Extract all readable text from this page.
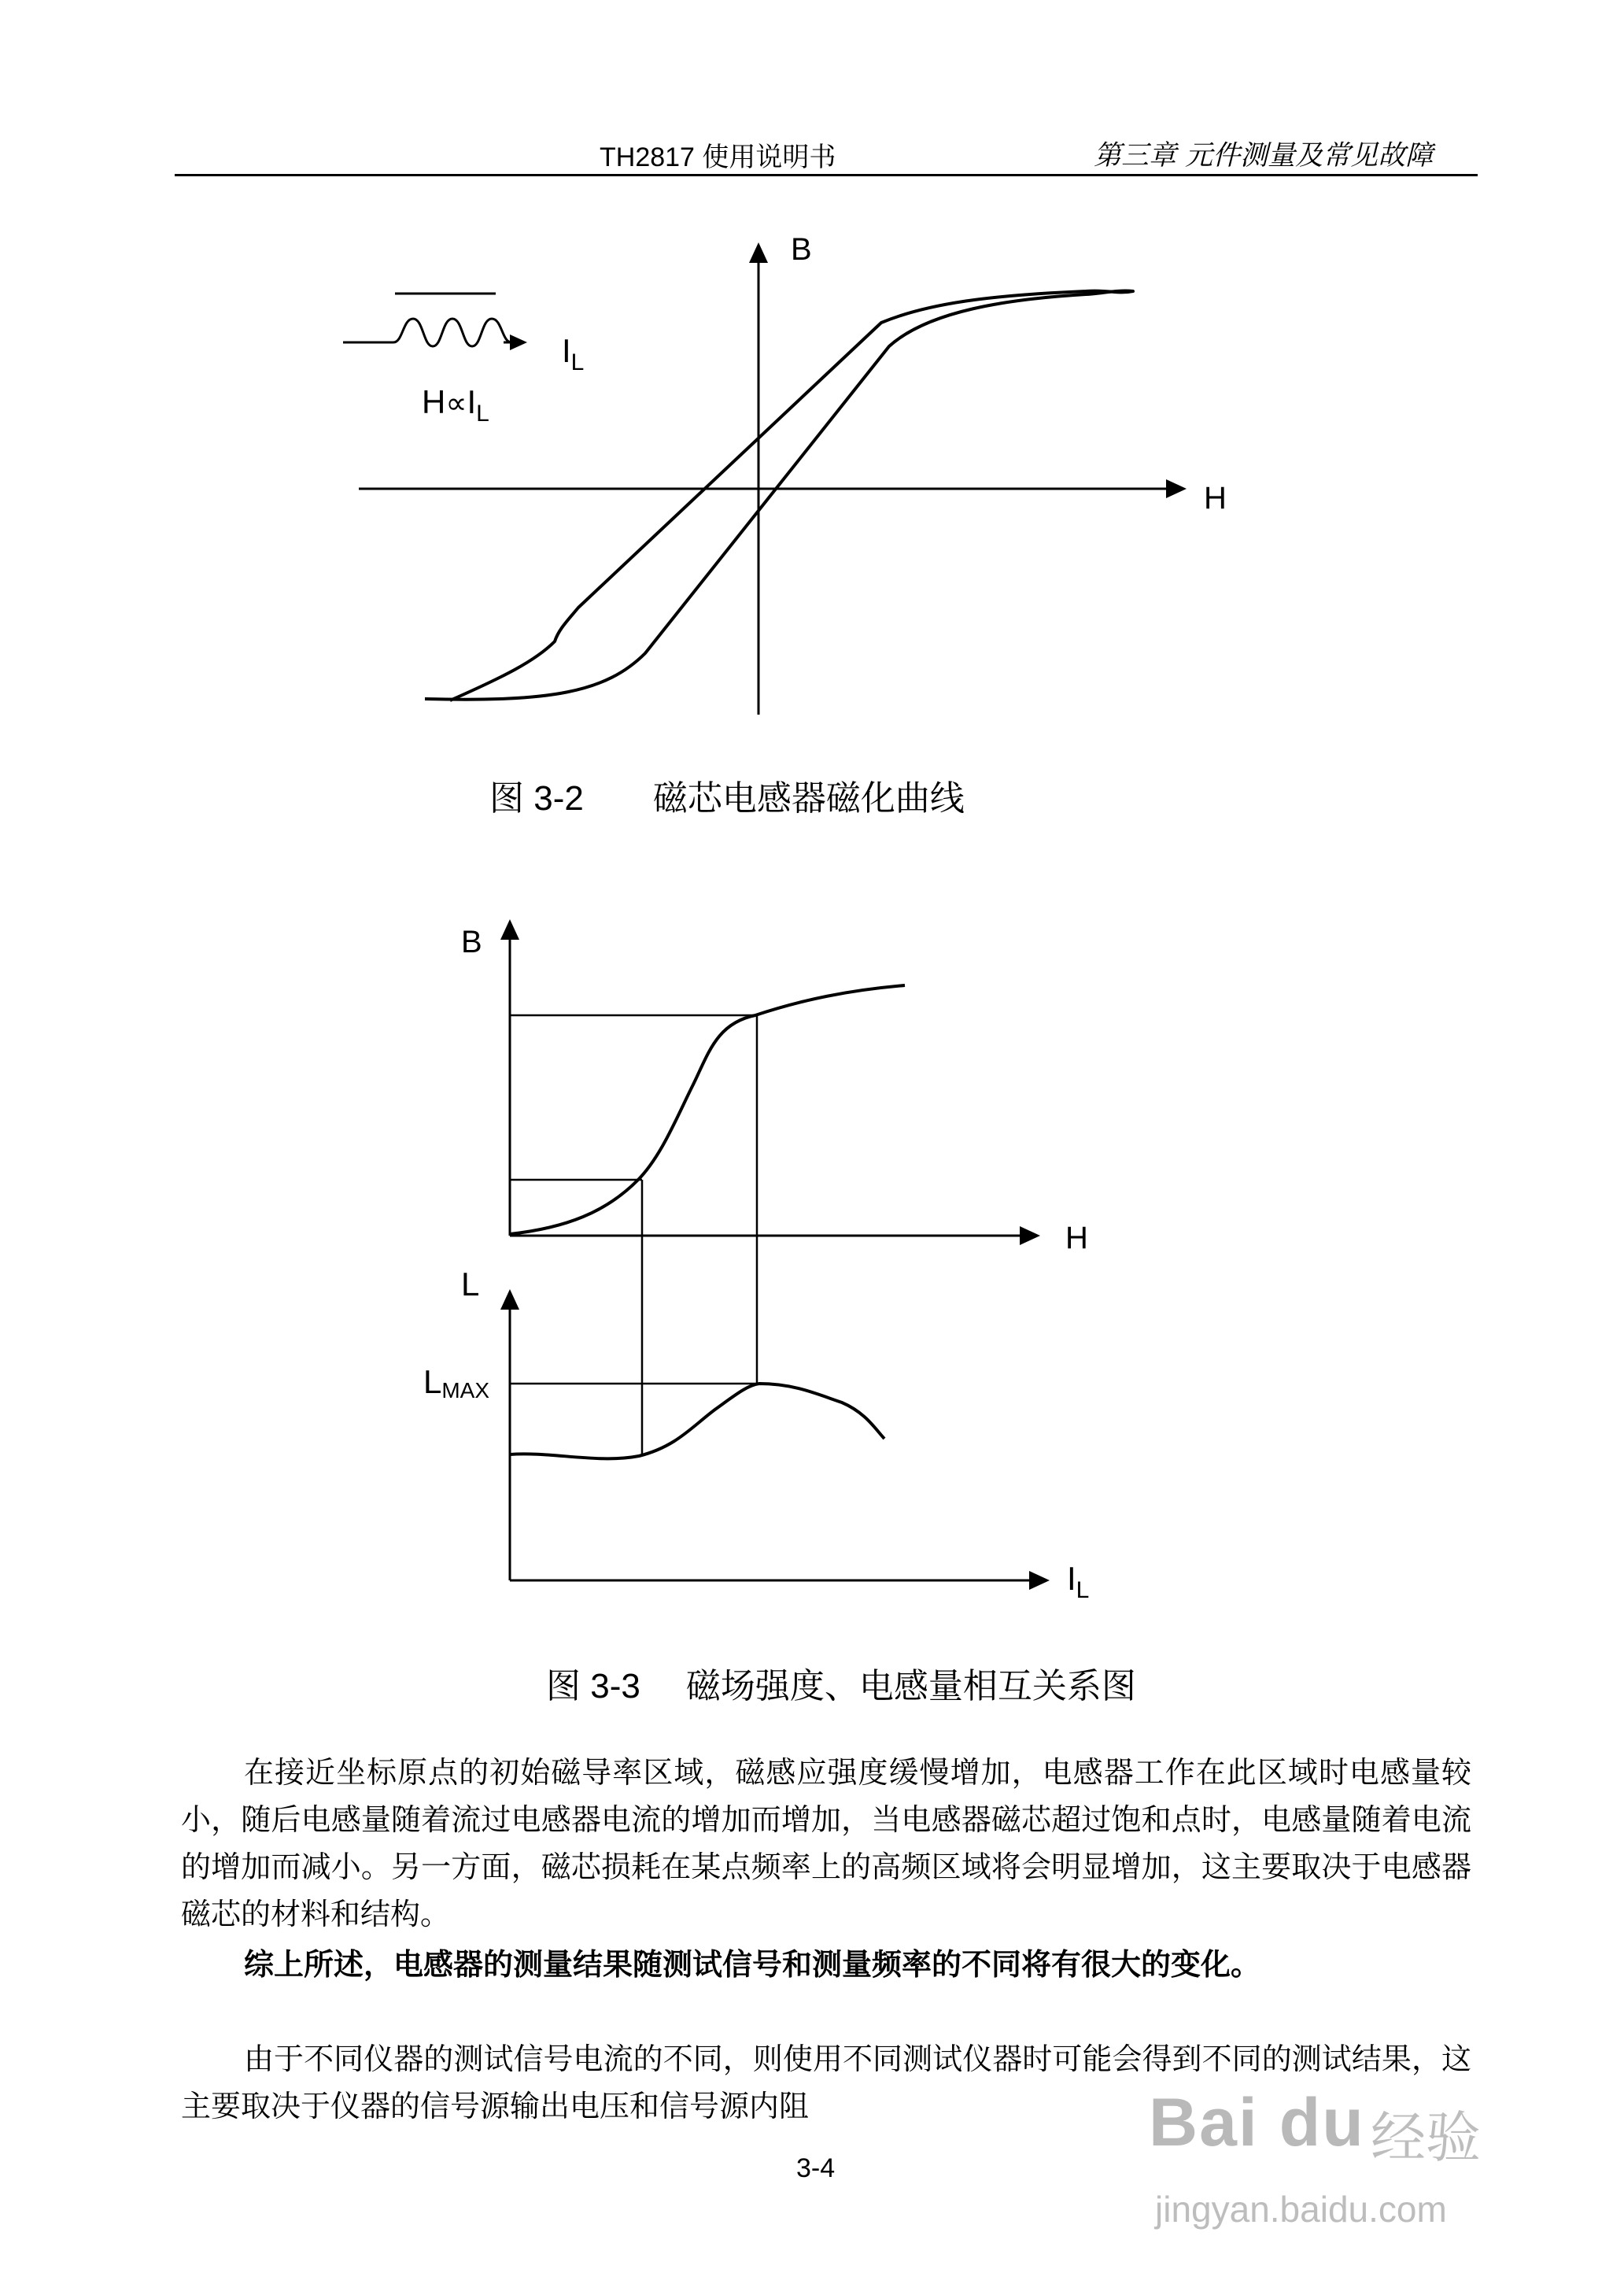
TH2817 使用说明书	第三章 元件测量及常见故障
B
H
$I_L$
$H\propto I_L$
B
H
L
LMAX
$I_L$
图 3-2 磁芯电感器磁化曲线
图 3-3 磁场强度、电感量相互关系图

在接近坐标原点的初始磁导率区域，磁感应强度缓慢增加，电感器工作在此区域时电感量较小，随后电感量随着流过电感器电流的增加而增加，当电感器磁芯超过饱和点时，电感量随着电流的增加而减小。另一方面，磁芯损耗在某点频率上的高频区域将会明显增加，这主要取决于电感器磁芯的材料和结构。

综上所述，电感器的测量结果随测试信号和测量频率的不同将有很大的变化。

由于不同仪器的测试信号电流的不同，则使用不同测试仪器时可能会得到不同的测试结果，这主要取决于仪器的信号源输出电压和信号源内阻	Bai du 经验
jingyan.baidu.com
3-4
